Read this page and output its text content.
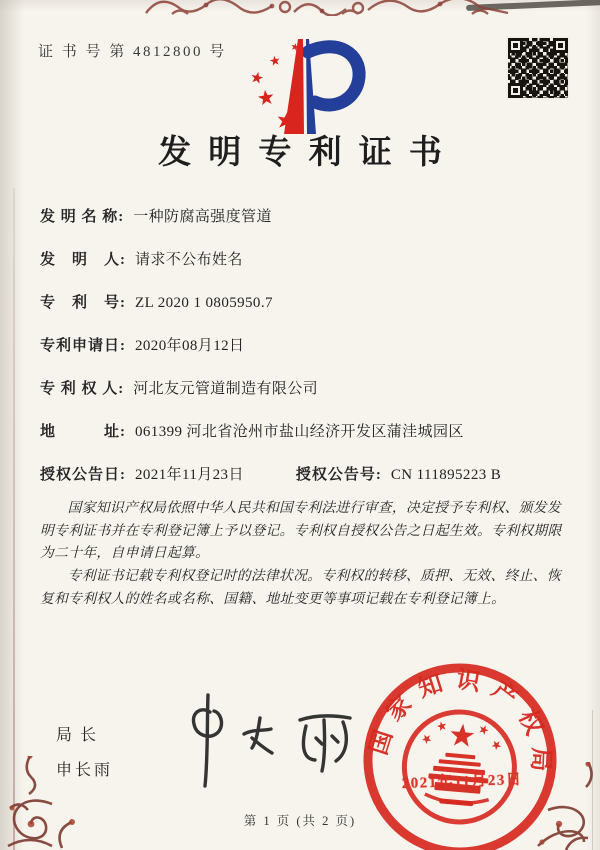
证 书 号 第 4812800 号
发明专利证书
发 明 名 称: 一种防腐高强度管道
发　明　人: 请求不公布姓名
专　利　号: ZL 2020 1 0805950.7
专利申请日: 2020年08月12日
专 利 权 人: 河北友元管道制造有限公司
地　　　址: 061399 河北省沧州市盐山经济开发区蒲洼城园区
授权公告日: 2021年11月23日	授权公告号: CN 111895223 B

国家知识产权局依照中华人民共和国专利法进行审查，决定授予专利权、颁发发明专利证书并在专利登记簿上予以登记。专利权自授权公告之日起生效。专利权期限为二十年，自申请日起算。

专利证书记载专利权登记时的法律状况。专利权的转移、质押、无效、终止、恢复和专利权人的姓名或名称、国籍、地址变更等事项记载在专利登记簿上。

局长
申长雨
国家知识产权局
2021年11月23日
第 1 页 (共 2 页)
